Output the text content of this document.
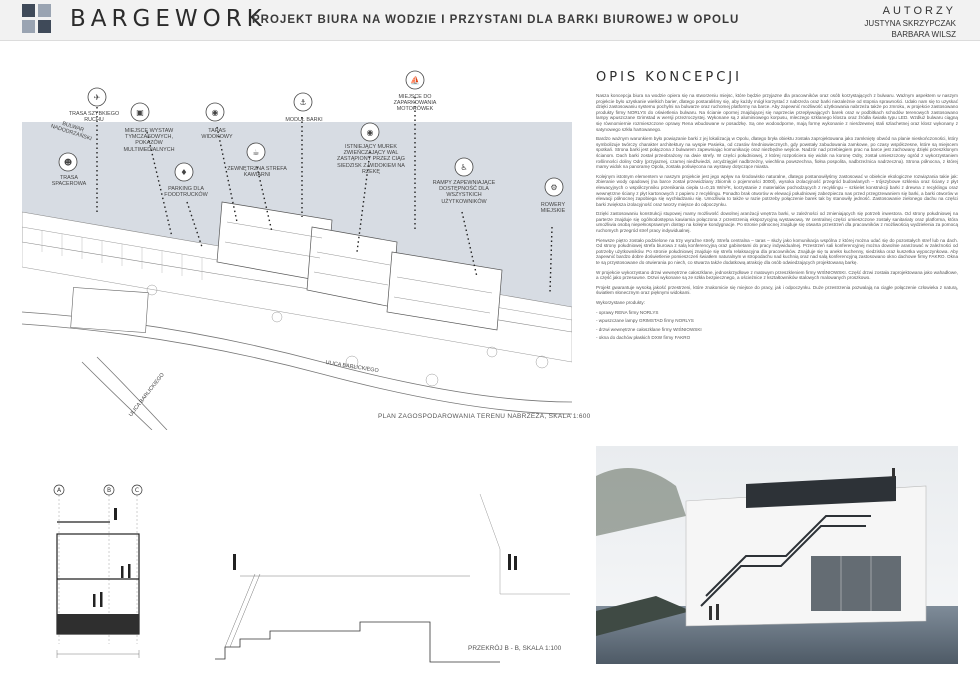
BARGEWORK
PROJEKT BIURA NA WODZIE I PRZYSTANI DLA BARKI BIUROWEJ W OPOLU
AUTORZY
JUSTYNA SKRZYPCZAK
BARBARA WILSZ
✈
▣	◉
⚓
⛵
☻
♦
☕
◉
♿
⚙
TRASA SZYBKIEGO RUCHU
MIEJSCE WYSTAW TYMCZASOWYCH, POKAZÓW MULTIMEDIALNYCH
TARAS WIDOKOWY
MODUŁ BARKI
MIEJSCE DO ZAPARKOWANIA MOTORÓWEK
TRASA SPACEROWA
PARKING DLA FOODTRUCKÓW
ZEWNĘTRZNA STREFA KAWIARNI
ISTNIEJĄCY MUREK ZWIEŃCZAJĄCY WAL ZASTĄPIONY PRZEZ CIĄG SIEDZISK Z WIDOKIEM NA RZEKĘ
RAMPY ZAPEWNIAJĄCE DOSTĘPNOŚĆ DLA WSZYSTKICH UŻYTKOWNIKÓW
ROWERY MIEJSKIE
BULWAR NADODRZAŃSKI
ULICA BARLICKIEGO
ULICA BARLICKIEGO	PLAN ZAGOSPODAROWANIA TERENU NABRZEŻA, SKALA 1:600
A	B	C
PRZEKRÓJ B - B, SKALA 1:100
OPIS KONCEPCJI

Nasza koncepcja biura na wodzie opiera się na stworzeniu miejsc, które będzie przyjazne dla pracowników oraz osób korzystających z bulwaru. Ważnym aspektem w naszym projekcie było uzyskanie wielkich barier, dlatego postaraliśmy się, aby każdy mógł korzystać z nabrzeża oraz barki niezależnie od stopnia sprawności. Udało nam się to uzyskać dzięki zastosowaniu systemu pochylni na bulwarze oraz ruchomej platformy na barce. Aby zapewnić możliwość użytkowania nabrzeża także po zmroku, w projekcie zastosowano produkty firmy NORLYS do oświetlenia bulwaru. Na ścianie opornej znajdującej się naprzeciw przepływających barek oraz w podbitkach schodów terenowych zastosowano lampy wpuszczane Grimstad w wersji przezroczystej. Wykonane są z aluminiowego korpusu, mleczego szklanego klosza oraz źródła światła typu LED. Wzdłuż bulwaru ciągną się równomiernie rozmieszczone oprawy Rena wbudowane w posadzkę. Są one wodoodporne, mają formę wykonanie z nierdzewnej stali szlachetnej oraz klosz wykonany z satynowego szkła hartowanego.

Bardzo ważnym warunkiem było powiązanie barki z jej lokalizacją w Opolu, dlatego bryła obiektu została zaprojektowana jako zamknięty obwód na planie nieskończoności, który symbolizuje twórczy charakter architektury na wyspie Pasieka, od czasów średniowiecznych, gdy powstały zabudowania zamkowe, po czasy współczesne, które są miejscem spotkań. Strona barki jest połączona z bulwarem zapewniając komunikację oraz niezbędne wejście. Nadzór nad przebiegiem prac na barce jest zachowany dzięki przeszklonym ścianom. Dach barki został przeobrażony na dwie strefy. W części południowej, z której rozpościera się widok na koronę Odry, został umieszczony ogród z wykorzystaniem roślinności doliny Odry (przyjaznej, czarnej niedźwiedzi, arcydzięgiel nadbrzeżny, wiechlina powszechna, fiołna pospolita, nadbrzeżnica nadrzeczna). Strona północna, z której mamy widok na panoramę Opola, została poświęcona na wystawy dotyczące miasta.

Kolejnym istotnym elementem w naszym projekcie jest jego wpływ na środowisko naturalne, dlatego postanowiłyśmy zastosować w obiekcie ekologiczne rozwiązania takie jak: zbieranie wody opadowej (na barce został przewidziany zbiornik o pojemności 3000l), wysoka izolacyjność przegród budowlanych – trójszybowe szklenia oraz ściany z płyt elewacyjnych o współczynniku przenikania ciepła U=0,15 W/m²K, korzystanie z materiałów pochodzących z recyklingu – szkielet konstrukcji barki z drewna z recyklingu oraz wewnętrzne ściany z płyt kartonowych z papieru z recyklingu. Ponadto brak otworów w elewacji południowej zabezpiecza nas przed przegrzewaniem się barki, a barki otworów w elewacji północnej zapobiega się wychładzaniu się. Umożliwia to także w razie potrzeby połączenie barek tak by stanowiły jedność. Zastosowanie zielonego dachu na części barki zwiększa izolacyjność oraz tworzy miejsce do odpoczynku.

Dzięki zastosowaniu konstrukcji stupowej mamy możliwość dowolnej aranżacji wnętrza barki, w zależności od zmieniających się potrzeb inwestora. Od strony południowej na parterze znajduje się ogólnodostępna kawiarnia połączona z przestrzenią ekspozycyjną wystawową. W centralnej części umieszczone zostały sanitariaty oraz platforma, która umożliwia osobą niepełnosprawnym dostęp na kolejne kondygnacje. Po stronie północnej znajduje się otwarta przestrzeń dla pracowników z możliwością wydzielenia za pomocą ruchomych przegród stref pracy indywidualnej.

Pierwsze piętro zostało podzielone na trzy wyraźne strefy. Strefa centralna – taras – służy jako komunikacja wspólna z której można udać się do pozostałych stref lub na dach. Od strony południowej strefa biurowa z salą konferencyjną oraz gabinetami do pracy indywidualnej. Przestrzeń sali konferencyjnej można dowolnie aranżować w zależności od potrzeby użytkowników. Po stronie południowej znajduje się strefa relaksacyjna dla pracowników. Znajduje się tu aneks kuchenny, siedziska oraz kuszetka wypoczynkowa. Aby zapewnić bardzo dobre doświetlenie pomieszczeń światłem naturalnym w stropodachu nad kuchnią oraz nad salą konferencyjną zastosowano okno dachowe firmy FAKRO. Okna te są przystosowane do otwierania po niech, co stwarza także dodatkową atrakcję dla osób odwiedzających projektowaną barkę.

W projekcie wykorzystano drzwi wewnętrzne całoszklane, jednoskrzydłowe z matowym przeszkleniem firmy WIŚNIOWSKI. Część drzwi została zaprojektowana jako wahadłowe, a część jako przesuwne. Drzwi wykonane są ze szkła bezpiecznego, a ościeżnice z kształtowników stalowych malowanych proszkowo.

Projekt gwarantuje wysoką jakość przestrzeni, które znakomicie się miejsce do pracy, jak i odpoczynku. Duże przestrzenia pozwalają na ciągłe połączenie człowieka z naturą, światłem słonecznym oraz pięknymi widokami.

Wykorzystane produkty:

- oprawy RENA firmy NORLYS
- wpuszczane lampy GRIMSTAD firmy NORLYS
- drzwi wewnętrzne całoszklane firmy WIŚNIOWSKI
- okna do dachów płaskich DXW firmy FAKRO
